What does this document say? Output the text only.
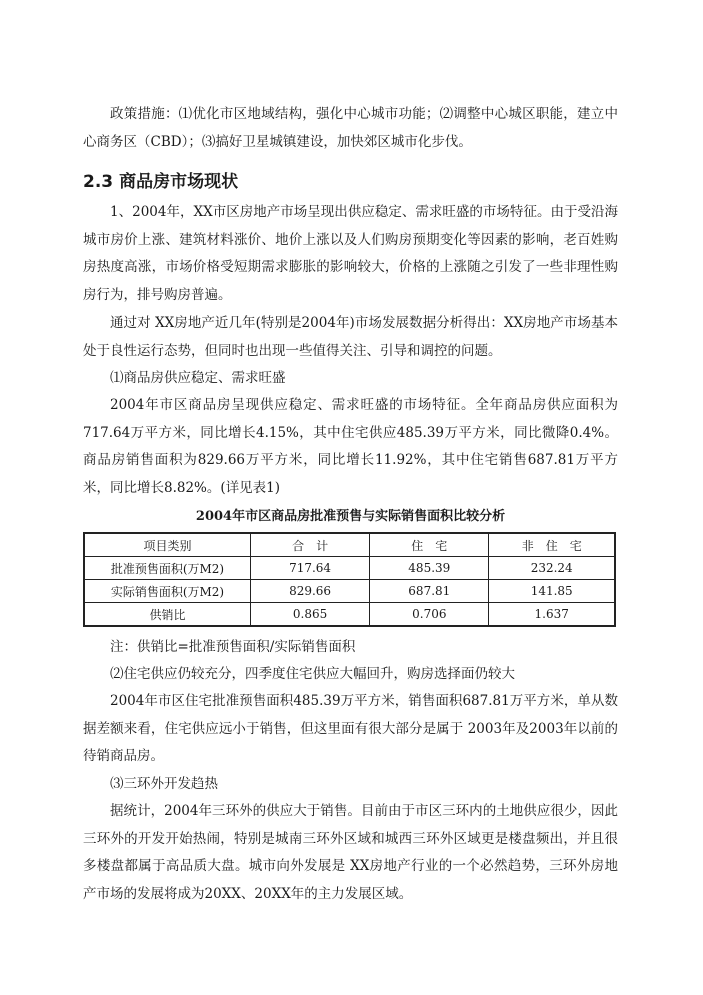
政策措施：⑴优化市区地域结构，强化中心城市功能；⑵调整中心城区职能，建立中心商务区（CBD）；⑶搞好卫星城镇建设，加快郊区城市化步伐。

2.3 商品房市场现状

1、2004年，XX市区房地产市场呈现出供应稳定、需求旺盛的市场特征。由于受沿海城市房价上涨、建筑材料涨价、地价上涨以及人们购房预期变化等因素的影响，老百姓购房热度高涨，市场价格受短期需求膨胀的影响较大，价格的上涨随之引发了一些非理性购房行为，排号购房普遍。

通过对 XX房地产近几年(特别是2004年)市场发展数据分析得出：XX房地产市场基本处于良性运行态势，但同时也出现一些值得关注、引导和调控的问题。

⑴商品房供应稳定、需求旺盛

2004年市区商品房呈现供应稳定、需求旺盛的市场特征。全年商品房供应面积为717.64万平方米，同比增长4.15%，其中住宅供应485.39万平方米，同比微降0.4%。商品房销售面积为829.66万平方米，同比增长11.92%，其中住宅销售687.81万平方米，同比增长8.82%。(详见表1)

2004年市区商品房批准预售与实际销售面积比较分析

项目类别	合　计	住　宅	非　住　宅
批准预售面积(万M2)	717.64	485.39	232.24
实际销售面积(万M2)	829.66	687.81	141.85
供销比	0.865	0.706	1.637

注：供销比=批准预售面积/实际销售面积

⑵住宅供应仍较充分，四季度住宅供应大幅回升，购房选择面仍较大

2004年市区住宅批准预售面积485.39万平方米，销售面积687.81万平方米，单从数据差额来看，住宅供应远小于销售，但这里面有很大部分是属于 2003年及2003年以前的待销商品房。

⑶三环外开发趋热

据统计，2004年三环外的供应大于销售。目前由于市区三环内的土地供应很少，因此三环外的开发开始热闹，特别是城南三环外区域和城西三环外区域更是楼盘频出，并且很多楼盘都属于高品质大盘。城市向外发展是 XX房地产行业的一个必然趋势，三环外房地产市场的发展将成为20XX、20XX年的主力发展区域。
